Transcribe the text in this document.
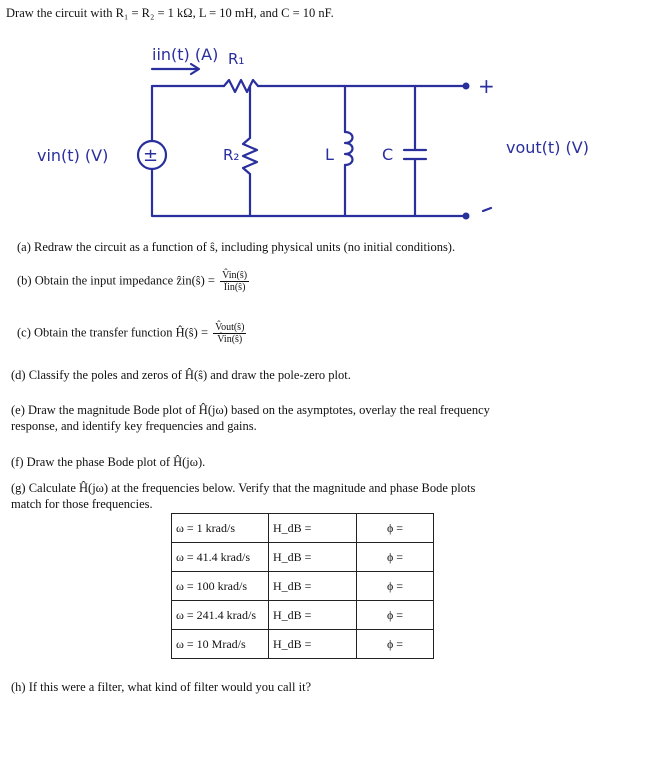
Draw the circuit with R₁ = R₂ = 1 kΩ, L = 10 mH, and C = 10 nF.
±
vin(t) (V)
iin(t) (A) R₁
R₂	L	C
+
vout(t) (V)
(a) Redraw the circuit as a function of ŝ, including physical units (no initial conditions).
(b) Obtain the input impedance ẑin(ŝ) = $\frac{V̂in(ŝ)}{\text{Îin(ŝ)}}$
(c) Obtain the transfer function Ĥ(ŝ) = $\frac{\text{V̂out(ŝ)}}{V̂in(ŝ)}$
(d) Classify the poles and zeros of Ĥ(ŝ) and draw the pole-zero plot.
(e) Draw the magnitude Bode plot of Ĥ(jω) based on the asymptotes, overlay the real frequency
response, and identify key frequencies and gains.
(f) Draw the phase Bode plot of Ĥ(jω).
(g) Calculate Ĥ(jω) at the frequencies below. Verify that the magnitude and phase Bode plots
match for those frequencies.
ω = 1 krad/s	H_dB =	ϕ =
ω = 41.4 krad/s	H_dB =	ϕ =
ω = 100 krad/s	H_dB =	ϕ =
ω = 241.4 krad/s	H_dB =	ϕ =
ω = 10 Mrad/s	H_dB =	ϕ =
(h) If this were a filter, what kind of filter would you call it?
